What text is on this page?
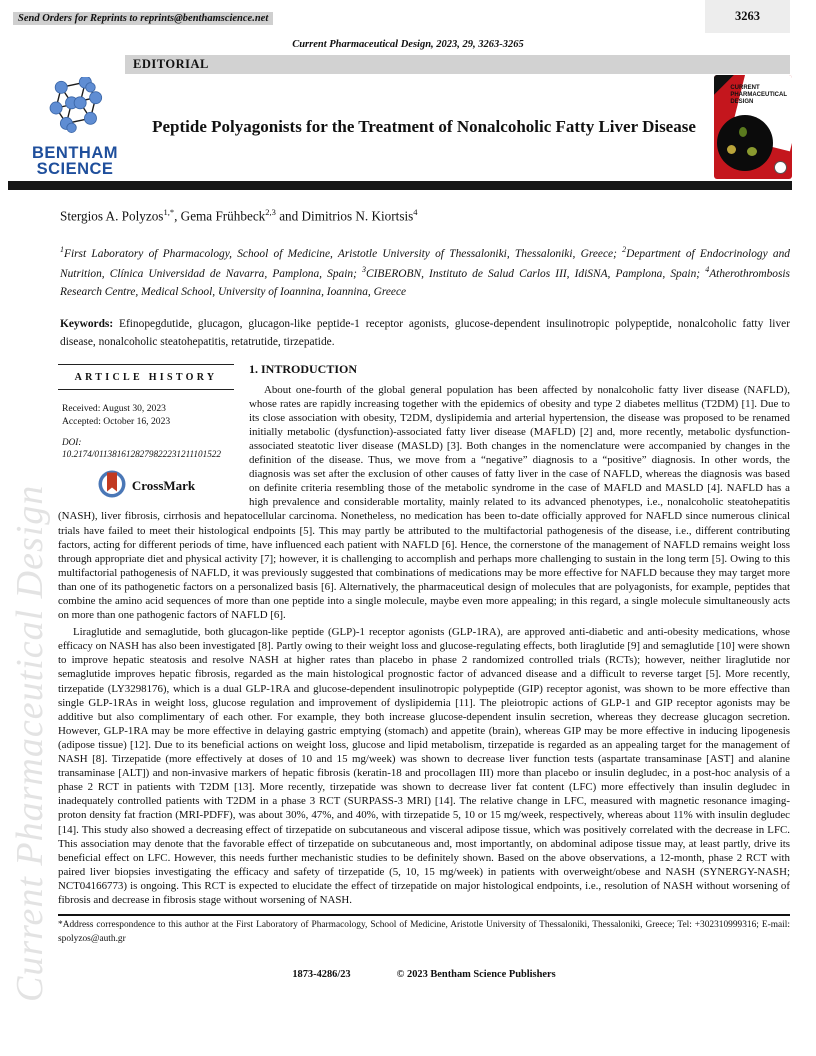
Current Pharmaceutical Design
Send Orders for Reprints to reprints@benthamscience.net	3263
Current Pharmaceutical Design, 2023, 29, 3263-3265
EDITORIAL
BENTHAM
SCIENCE
Peptide Polyagonists for the Treatment of Nonalcoholic Fatty Liver Disease
CURRENT
PHARMACEUTICAL
DESIGN

Stergios A. Polyzos$^{1,*}$, Gema Frühbeck$^{2,3}$ and Dimitrios N. Kiortsis$^4$

$^1$First Laboratory of Pharmacology, School of Medicine, Aristotle University of Thessaloniki, Thessaloniki, Greece; $^2$Department of Endocrinology and Nutrition, Clínica Universidad de Navarra, Pamplona, Spain; $^3$CIBEROBN, Instituto de Salud Carlos III, IdiSNA, Pamplona, Spain; $^4$Atherothrombosis Research Centre, Medical School, University of Ioannina, Ioannina, Greece

Keywords: Efinopegdutide, glucagon, glucagon-like peptide-1 receptor agonists, glucose-dependent insulinotropic polypeptide, nonalcoholic fatty liver disease, nonalcoholic steatohepatitis, retatrutide, tirzepatide.

ARTICLE HISTORY
Received: August 30, 2023
Accepted: October 16, 2023
DOI:
10.2174/0113816128279822231211101522
CrossMark
1. INTRODUCTION

About one-fourth of the global general population has been affected by nonalcoholic fatty liver disease (NAFLD), whose rates are rapidly increasing together with the epidemics of obesity and type 2 diabetes mellitus (T2DM) [1]. Due to its close association with obesity, T2DM, dyslipidemia and arterial hypertension, the disease was proposed to be renamed initially metabolic (dysfunction)-associated fatty liver disease (MAFLD) [2] and, more recently, metabolic dysfunction-associated steatotic liver disease (MASLD) [3]. Both changes in the nomenclature were accompanied by changes in the definition of the disease. Thus, we move from a “negative” diagnosis to a “positive” diagnosis. In other words, the diagnosis was set after the exclusion of other causes of fatty liver in the case of NAFLD, whereas the diagnosis was based on definite criteria resembling those of the metabolic syndrome in the case of MAFLD and MASLD [4]. NAFLD has a high prevalence and considerable mortality, mainly related to its advanced phenotypes, i.e., nonalcoholic steatohepatitis (NASH), liver fibrosis, cirrhosis and hepatocellular carcinoma. Nonetheless, no medication has been to-date officially approved for NAFLD since numerous clinical trials have failed to meet their histological endpoints [5]. This may partly be attributed to the multifactorial pathogenesis of the disease, i.e., different contributing factors, acting for different periods of time, have influenced each patient with NAFLD [6]. Hence, the cornerstone of the management of NAFLD remains weight loss through appropriate diet and physical activity [7]; however, it is challenging to accomplish and perhaps more challenging to sustain in the long term [5]. Owing to this multifactorial pathogenesis of NAFLD, it was previously suggested that combinations of medications may be more effective for NAFLD because they may target more than one of its pathogenetic factors on a personalized basis [6]. Alternatively, the pharmaceutical design of molecules that are polyagonists, for example, peptides that combine the amino acid sequences of more than one peptide into a single molecule, maybe even more appealing; in this regard, a single molecule simultaneously acts on more than one pathogenic factors of NAFLD [6].

Liraglutide and semaglutide, both glucagon-like peptide (GLP)-1 receptor agonists (GLP-1RA), are approved anti-diabetic and anti-obesity medications, whose efficacy on NASH has also been investigated [8]. Partly owing to their weight loss and glucose-regulating effects, both liraglutide [9] and semaglutide [10] were shown to improve hepatic steatosis and resolve NASH at higher rates than placebo in phase 2 randomized controlled trials (RCTs); however, neither liraglutide nor semaglutide improves hepatic fibrosis, regarded as the main histological prognostic factor of advanced disease and a difficult to reverse target [5]. More recently, tirzepatide (LY3298176), which is a dual GLP-1RA and glucose-dependent insulinotropic polypeptide (GIP) receptor agonist, was shown to be more effective than single GLP-1RAs in weight loss, glucose regulation and improvement of dyslipidemia [11]. The pleiotropic actions of GLP-1 and GIP receptor agonists may be additive but also complimentary of each other. For example, they both increase glucose-dependent insulin secretion, whereas they decrease glucagon secretion. However, GLP-1RA may be more effective in delaying gastric emptying (stomach) and appetite (brain), whereas GIP may be more effective in inducing lipogenesis (adipose tissue) [12]. Due to its beneficial actions on weight loss, glucose and lipid metabolism, tirzepatide is regarded as an appealing target for the management of NASH [8]. Tirzepatide (more effectively at doses of 10 and 15 mg/week) was shown to decrease liver function tests (aspartate transaminase [AST] and alanine transaminase [ALT]) and non-invasive markers of hepatic fibrosis (keratin-18 and procollagen III) more than placebo or insulin degludec, in a post-hoc analysis of a phase 2 RCT in patients with T2DM [13]. More recently, tirzepatide was shown to decrease liver fat content (LFC) more effectively than insulin degludec in inadequately controlled patients with T2DM in a phase 3 RCT (SURPASS-3 MRI) [14]. The relative change in LFC, measured with magnetic resonance imaging-proton density fat fraction (MRI-PDFF), was about 30%, 47%, and 40%, with tirzepatide 5, 10 or 15 mg/week, respectively, whereas about 11% with insulin degludec [14]. This study also showed a decreasing effect of tirzepatide on subcutaneous and visceral adipose tissue, which was positively correlated with the decrease in LFC. This association may denote that the favorable effect of tirzepatide on subcutaneous and, most importantly, on abdominal adipose tissue may, at least partly, drive its beneficial effect on LFC. However, this needs further mechanistic studies to be definitely shown. Based on the above observations, a 12-month, phase 2 RCT with paired liver biopsies investigating the efficacy and safety of tirzepatide (5, 10, 15 mg/week) in patients with overweight/obese and NASH (SYNERGY-NASH; NCT04166773) is ongoing. This RCT is expected to elucidate the effect of tirzepatide on major histological endpoints, i.e., resolution of NASH without worsening of fibrosis and decrease in fibrosis stage without worsening of NASH.

*Address correspondence to this author at the First Laboratory of Pharmacology, School of Medicine, Aristotle University of Thessaloniki, Thessaloniki, Greece; Tel: +302310999316; E-mail: spolyzos@auth.gr

1873-4286/23	© 2023 Bentham Science Publishers
